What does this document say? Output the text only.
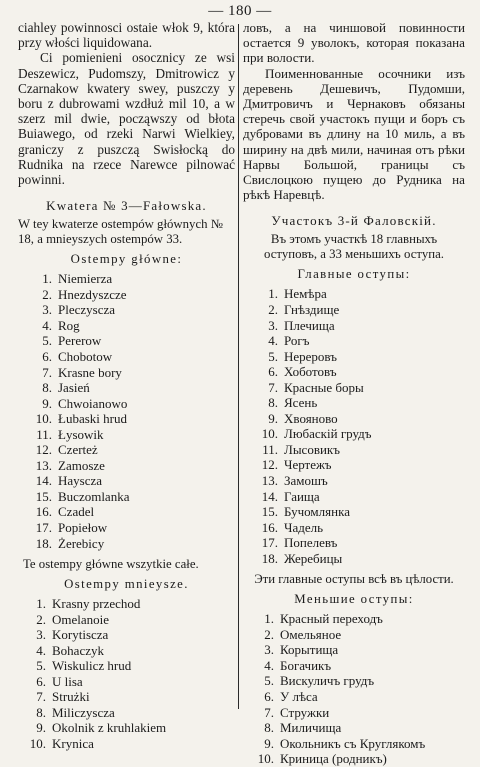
— 180 —

ciahley powinnosci ostaie włok 9, która przy włości liquidowana.

Ci pomienieni osocznicy ze wsi Deszewicz, Pudomszy, Dmitrowicz y Czarnakow kwatery swey, puszczy y boru z dubrowami wzdłuż mil 10, a w szerz mil dwie, począwszy od błota Buiawego, od rzeki Narwi Wielkiey, graniczy z puszczą Swisłocką do Rudnika na rzece Narewce pilnować powinni.

Kwatera № 3—Fałowska.

W tey kwaterze ostempów głównych № 18, a mnieyszych ostempów 33.

Ostempy główne:
1. Niemierza
2. Hnezdyszcze
3. Pleczyscza
4. Rog
5. Pererow
6. Chobotow
7. Krasne bory
8. Jasień
9. Chwoianowo
10. Łubaski hrud
11. Łysowik
12. Czerteż
13. Zamosze
14. Hayscza
15. Buczomlanka
16. Czadel
17. Popiełow
18. Żerebicy
Te ostempy główne wszytkie całe.
Ostempy mnieysze.
1. Krasny przechod
2. Omelanoie
3. Korytiscza
4. Bohaczyk
5. Wiskulicz hrud
6. U lisa
7. Strużki
8. Miliczyscza
9. Okolnik z kruhlakiem
10. Krynica

ловъ, а на чиншовой повинности остается 9 уволокъ, которая показана при волости.

Поименнованные осочники изъ деревень Дешевичъ, Пудомши, Дмитровичъ и Чернаковъ обязаны стеречь свой участокъ пущи и боръ съ дубровами въ длину на 10 миль, а въ ширину на двѣ мили, начиная отъ рѣки Нарвы Большой, границы съ Свислоцкою пущею до Рудника на рѣкѣ Наревцѣ.

Участокъ 3-й Фаловскій.

Въ этомъ участкѣ 18 главныхъ оступовъ, а 33 меньшихъ оступа.

Главные оступы:
1. Немѣра
2. Гнѣздище
3. Плечища
4. Рогъ
5. Нереровъ
6. Хоботовъ
7. Красные боры
8. Ясень
9. Хвояново
10. Любаскій грудъ
11. Лысовикъ
12. Чертежъ
13. Замошъ
14. Гаища
15. Бучомлянка
16. Чадель
17. Попелевъ
18. Жеребицы
Эти главные оступы всѣ въ цѣлости.
Меньшие оступы:
1. Красный переходъ
2. Омельяное
3. Корытища
4. Богачикъ
5. Вискуличъ грудъ
6. У лѣса
7. Стружки
8. Миличища
9. Окольникъ съ Круглякомъ
10. Криница (родникъ)
